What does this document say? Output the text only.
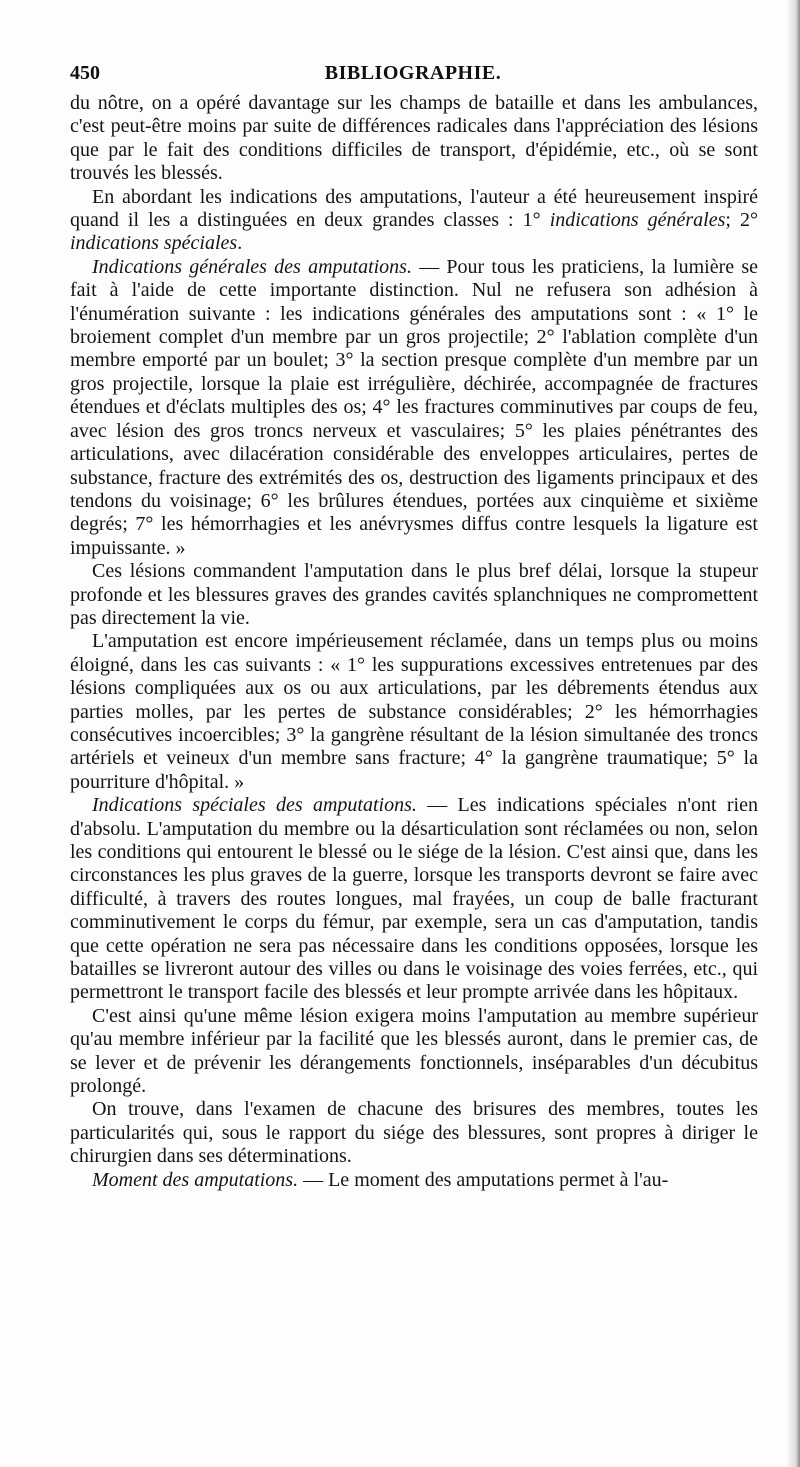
450	BIBLIOGRAPHIE.

du nôtre, on a opéré davantage sur les champs de bataille et dans les ambulances, c'est peut-être moins par suite de différences radicales dans l'appréciation des lésions que par le fait des conditions difficiles de transport, d'épidémie, etc., où se sont trouvés les blessés.

En abordant les indications des amputations, l'auteur a été heureusement inspiré quand il les a distinguées en deux grandes classes : 1° indications générales; 2° indications spéciales.

Indications générales des amputations. — Pour tous les praticiens, la lumière se fait à l'aide de cette importante distinction. Nul ne refusera son adhésion à l'énumération suivante : les indications générales des amputations sont : « 1° le broiement complet d'un membre par un gros projectile; 2° l'ablation complète d'un membre emporté par un boulet; 3° la section presque complète d'un membre par un gros projectile, lorsque la plaie est irrégulière, déchirée, accompagnée de fractures étendues et d'éclats multiples des os; 4° les fractures comminutives par coups de feu, avec lésion des gros troncs nerveux et vasculaires; 5° les plaies pénétrantes des articulations, avec dilacération considérable des enveloppes articulaires, pertes de substance, fracture des extrémités des os, destruction des ligaments principaux et des tendons du voisinage; 6° les brûlures étendues, portées aux cinquième et sixième degrés; 7° les hémorrhagies et les anévrysmes diffus contre lesquels la ligature est impuissante. »

Ces lésions commandent l'amputation dans le plus bref délai, lorsque la stupeur profonde et les blessures graves des grandes cavités splanchniques ne compromettent pas directement la vie.

L'amputation est encore impérieusement réclamée, dans un temps plus ou moins éloigné, dans les cas suivants : « 1° les suppurations excessives entretenues par des lésions compliquées aux os ou aux articulations, par les débrements étendus aux parties molles, par les pertes de substance considérables; 2° les hémorrhagies consécutives incoercibles; 3° la gangrène résultant de la lésion simultanée des troncs artériels et veineux d'un membre sans fracture; 4° la gangrène traumatique; 5° la pourriture d'hôpital. »

Indications spéciales des amputations. — Les indications spéciales n'ont rien d'absolu. L'amputation du membre ou la désarticulation sont réclamées ou non, selon les conditions qui entourent le blessé ou le siége de la lésion. C'est ainsi que, dans les circonstances les plus graves de la guerre, lorsque les transports devront se faire avec difficulté, à travers des routes longues, mal frayées, un coup de balle fracturant comminutivement le corps du fémur, par exemple, sera un cas d'amputation, tandis que cette opération ne sera pas nécessaire dans les conditions opposées, lorsque les batailles se livreront autour des villes ou dans le voisinage des voies ferrées, etc., qui permettront le transport facile des blessés et leur prompte arrivée dans les hôpitaux.

C'est ainsi qu'une même lésion exigera moins l'amputation au membre supérieur qu'au membre inférieur par la facilité que les blessés auront, dans le premier cas, de se lever et de prévenir les dérangements fonctionnels, inséparables d'un décubitus prolongé.

On trouve, dans l'examen de chacune des brisures des membres, toutes les particularités qui, sous le rapport du siége des blessures, sont propres à diriger le chirurgien dans ses déterminations.

Moment des amputations. — Le moment des amputations permet à l'au-
